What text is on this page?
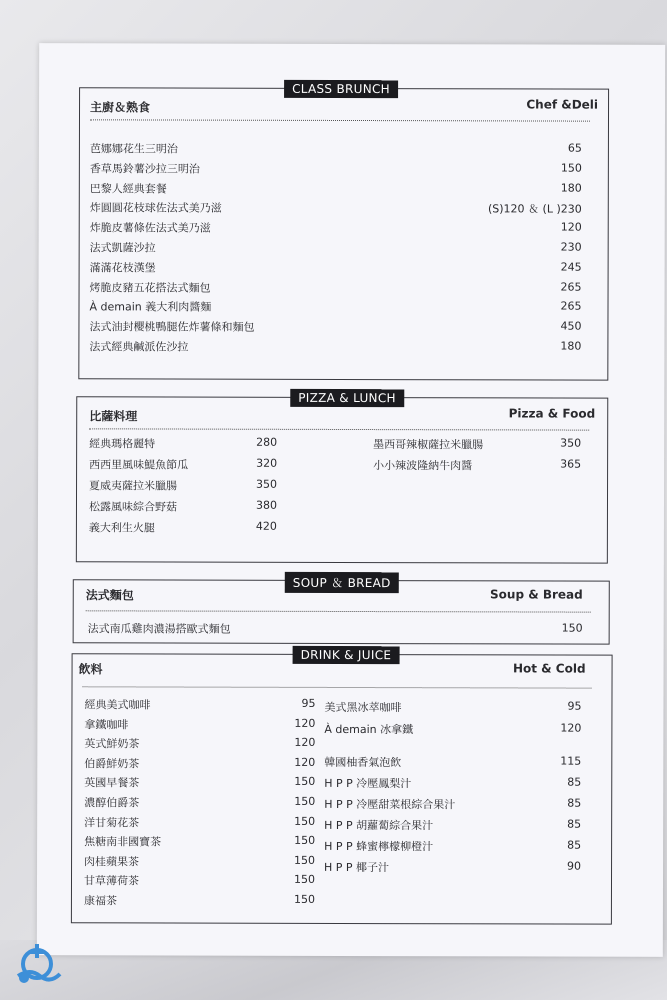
CLASS BRUNCH
主廚＆熟食	Chef &Deli
芭娜娜花生三明治	65
香草馬鈴薯沙拉三明治	150
巴黎人經典套餐	180
炸圓圓花枝球佐法式美乃滋	(S)120 ＆ (L )230
炸脆皮薯條佐法式美乃滋	120
法式凱薩沙拉	230
滿滿花枝漢堡	245
烤脆皮豬五花搭法式麵包	265
À demain 義大利肉醬麵	265
法式油封櫻桃鴨腿佐炸薯條和麵包	450
法式經典鹹派佐沙拉	180
PIZZA & LUNCH
比薩料理	Pizza & Food
經典瑪格麗特	280
西西里風味鯷魚節瓜	320
夏威夷薩拉米臘腸	350
松露風味綜合野菇	380
義大利生火腿	420
墨西哥辣椒薩拉米臘腸	350
小小辣波隆納牛肉醬	365
SOUP ＆ BREAD
法式麵包	Soup & Bread
法式南瓜雞肉濃湯搭歐式麵包	150
DRINK & JUICE
飲料	Hot & Cold
經典美式咖啡	95
拿鐵咖啡	120
英式鮮奶茶	120
伯爵鮮奶茶	120
英國早餐茶	150
濃醇伯爵茶	150
洋甘菊花茶	150
焦糖南非國寶茶	150
肉桂蘋果茶	150
甘草薄荷茶	150
康福茶	150
美式黑冰萃咖啡	95
À demain 冰拿鐵	120
韓國柚香氣泡飲	115
H P P 冷壓鳳梨汁	85
H P P 冷壓甜菜根綜合果汁	85
H P P 胡蘿蔔綜合果汁	85
H P P 蜂蜜檸檬柳橙汁	85
H P P 椰子汁	90
